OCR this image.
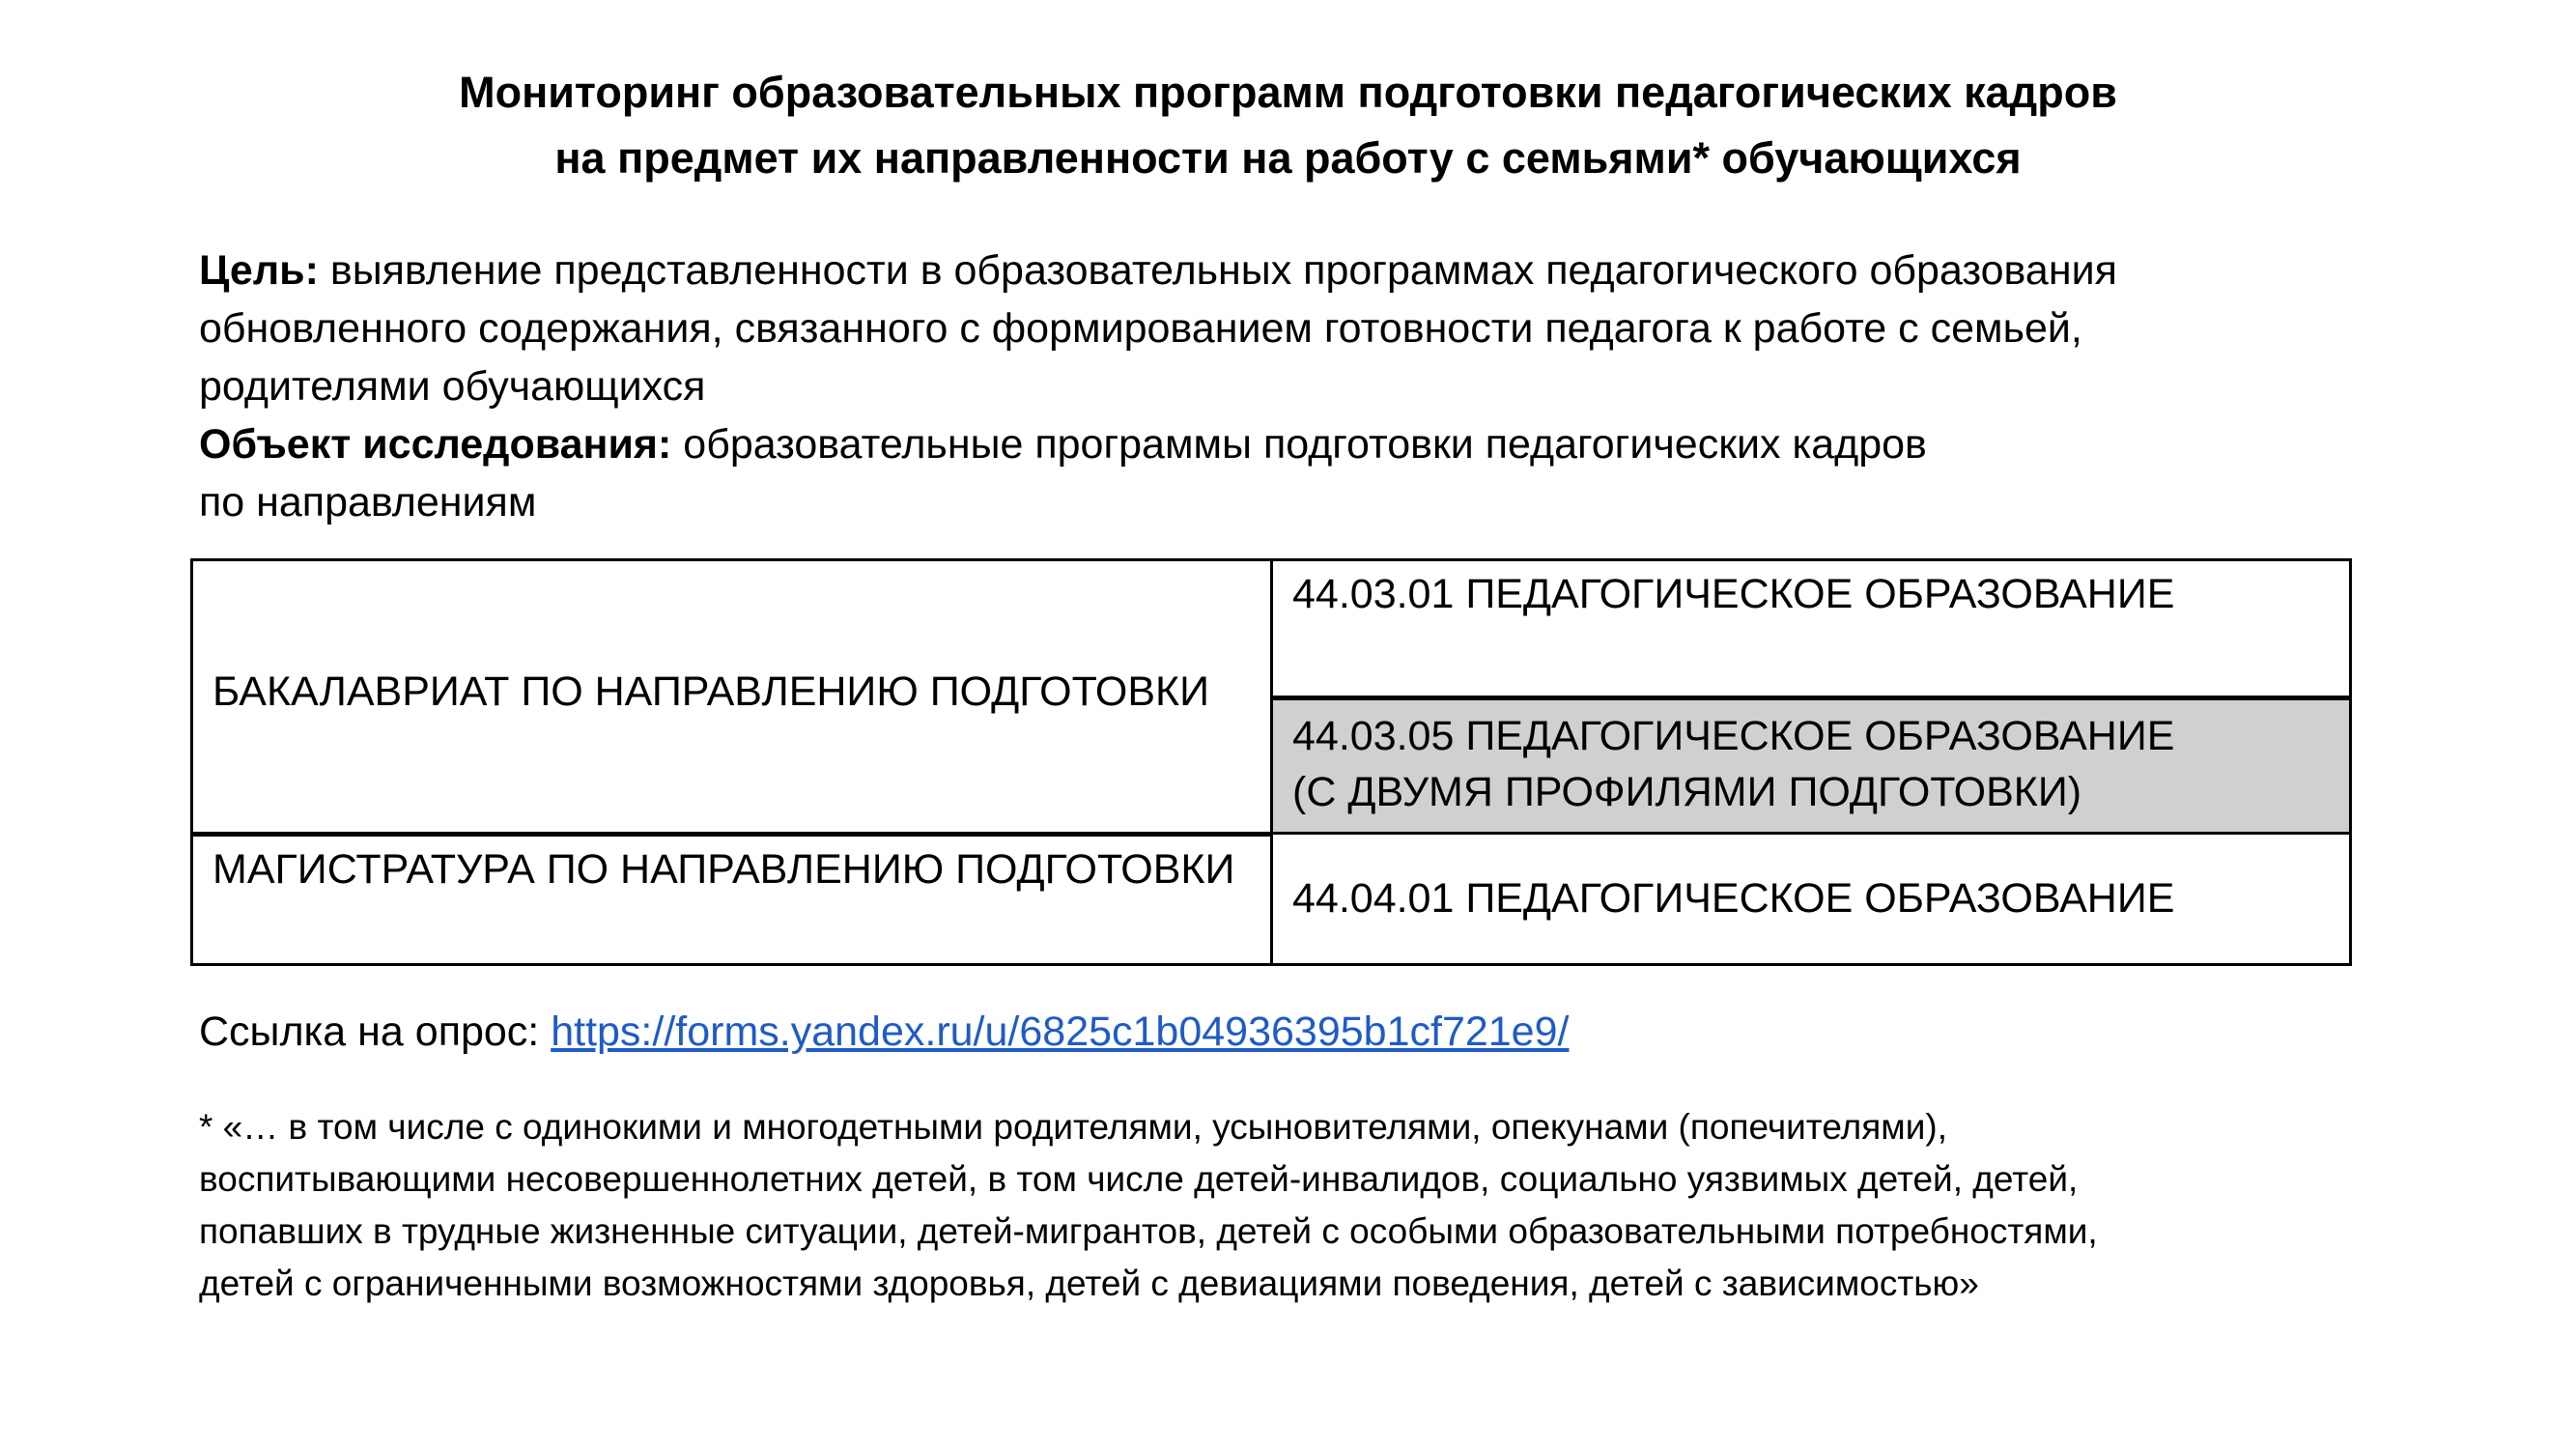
Мониторинг образовательных программ подготовки педагогических кадров
на предмет их направленности на работу с семьями* обучающихся
Цель: выявление представленности в образовательных программах педагогического образования
обновленного содержания, связанного с формированием готовности педагога к работе с семьей,
родителями обучающихся
Объект исследования: образовательные программы подготовки педагогических кадров
по направлениям
БАКАЛАВРИАТ ПО НАПРАВЛЕНИЮ ПОДГОТОВКИ
МАГИСТРАТУРА ПО НАПРАВЛЕНИЮ ПОДГОТОВКИ
44.03.01 ПЕДАГОГИЧЕСКОЕ ОБРАЗОВАНИЕ
44.03.05 ПЕДАГОГИЧЕСКОЕ ОБРАЗОВАНИЕ
(С ДВУМЯ ПРОФИЛЯМИ ПОДГОТОВКИ)
44.04.01 ПЕДАГОГИЧЕСКОЕ ОБРАЗОВАНИЕ
Ссылка на опрос: https://forms.yandex.ru/u/6825c1b04936395b1cf721e9/
* «… в том числе с одинокими и многодетными родителями, усыновителями, опекунами (попечителями),
воспитывающими несовершеннолетних детей, в том числе детей-инвалидов, социально уязвимых детей, детей,
попавших в трудные жизненные ситуации, детей-мигрантов, детей с особыми образовательными потребностями,
детей с ограниченными возможностями здоровья, детей с девиациями поведения, детей с зависимостью»
